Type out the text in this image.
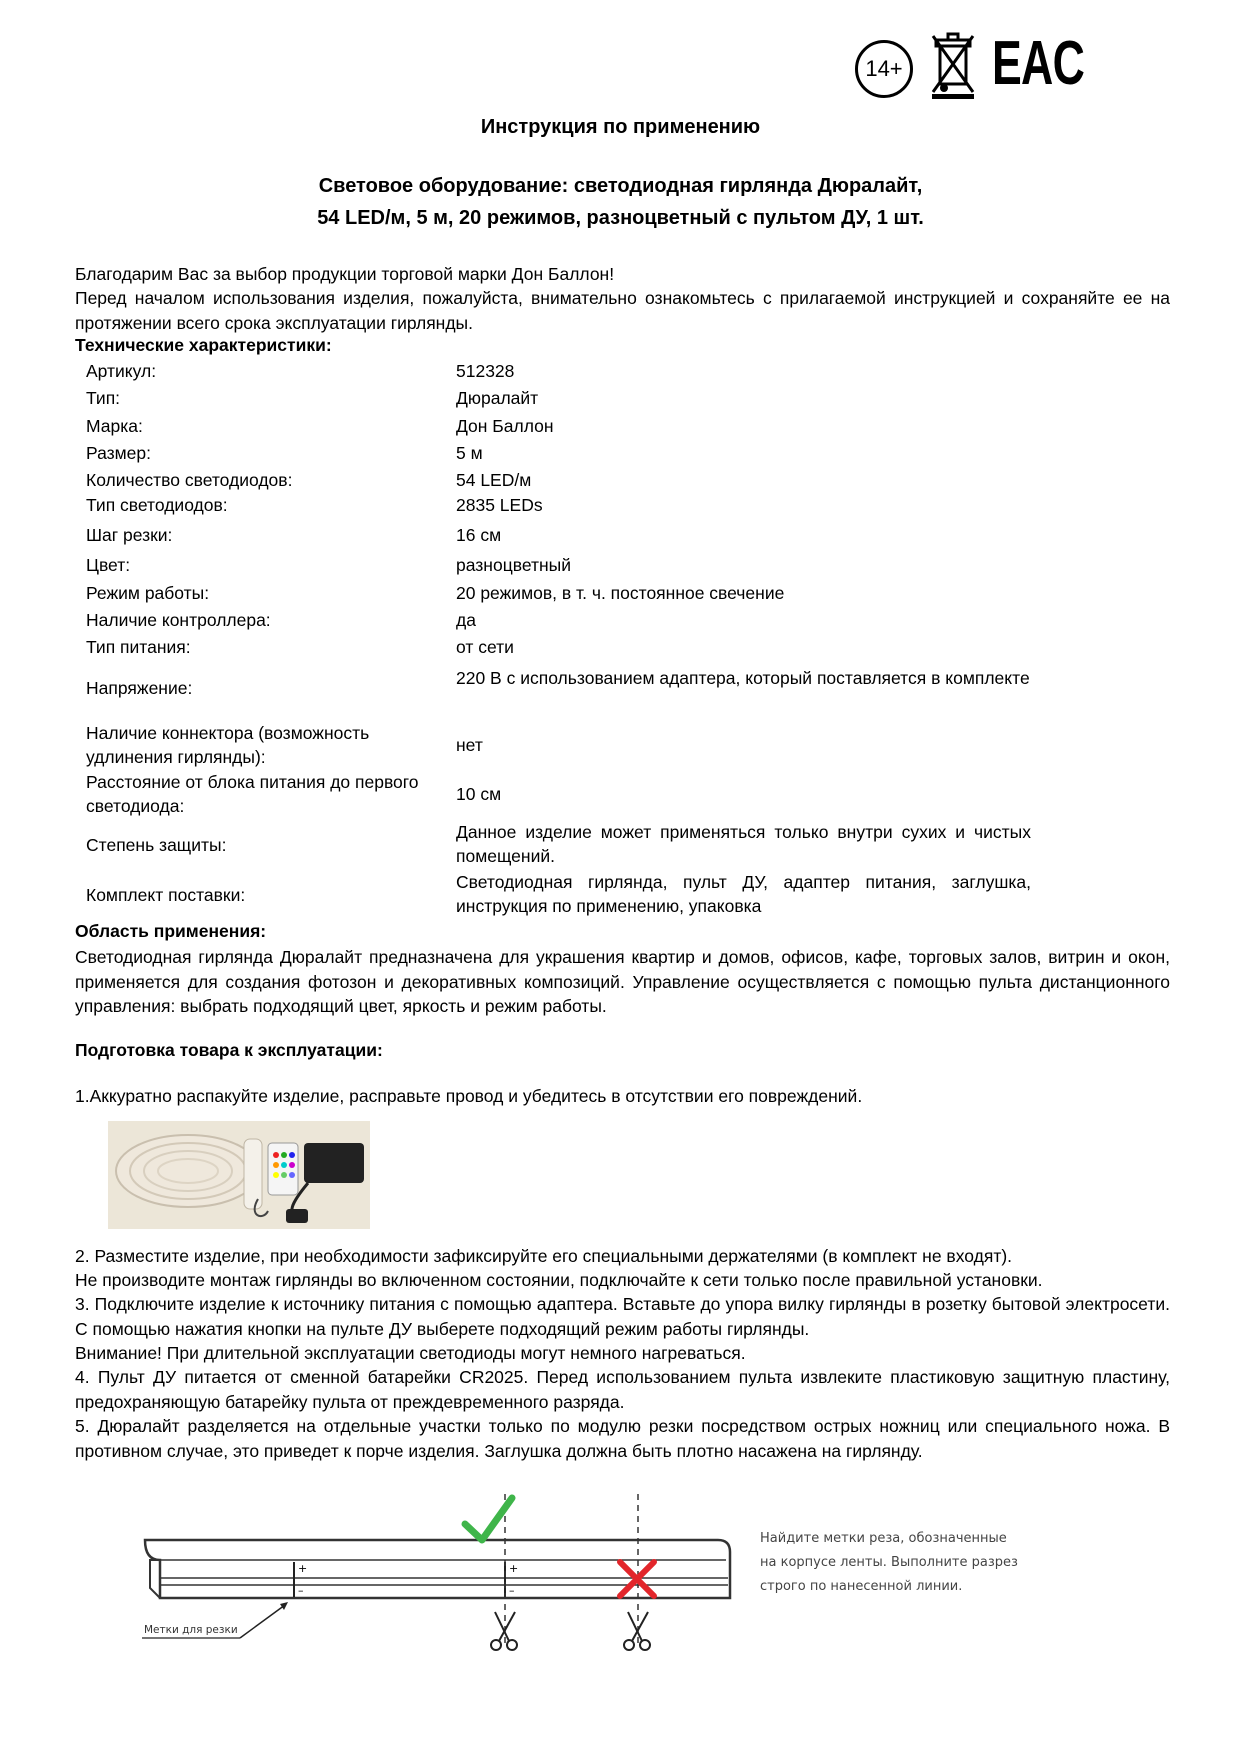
14+ EAC
Инструкция по применению
Световое оборудование: светодиодная гирлянда Дюралайт,
54 LED/м, 5 м, 20 режимов, разноцветный с пультом ДУ, 1 шт.
Благодарим Вас за выбор продукции торговой марки Дон Баллон!
Перед началом использования изделия, пожалуйста, внимательно ознакомьтесь с прилагаемой инструкцией и сохраняйте ее на протяжении всего срока эксплуатации гирлянды.
Технические характеристики:
Артикул:	512328
Тип:	Дюралайт
Марка:	Дон Баллон
Размер:	5 м
Количество светодиодов:	54 LED/м
Тип светодиодов:	2835 LEDs
Шаг резки:	16 см
Цвет:	разноцветный
Режим работы:	20 режимов, в т. ч. постоянное свечение
Наличие контроллера:	да
Тип питания:	от сети
Напряжение:	220 В с использованием адаптера, который поставляется в комплекте
Наличие коннектора (возможность удлинения гирлянды):
нет
Расстояние от блока питания до первого светодиода:
10 см
Степень защиты:
Данное изделие может применяться только внутри сухих и чистых помещений.
Комплект поставки:
Светодиодная гирлянда, пульт ДУ, адаптер питания, заглушка, инструкция по применению, упаковка
Область применения:
Светодиодная гирлянда Дюралайт предназначена для украшения квартир и домов, офисов, кафе, торговых залов, витрин и окон, применяется для создания фотозон и декоративных композиций. Управление осуществляется с помощью пульта дистанционного управления: выбрать подходящий цвет, яркость и режим работы.
Подготовка товара к эксплуатации:
1.Аккуратно распакуйте изделие, расправьте провод и убедитесь в отсутствии его повреждений.
2. Разместите изделие, при необходимости зафиксируйте его специальными держателями (в комплект не входят).
Не производите монтаж гирлянды во включенном состоянии, подключайте к сети только после правильной установки.
3. Подключите изделие к источнику питания с помощью адаптера. Вставьте до упора вилку гирлянды в розетку бытовой электросети. С помощью нажатия кнопки на пульте ДУ выберете подходящий режим работы гирлянды.
Внимание! При длительной эксплуатации светодиоды могут немного нагреваться.
4. Пульт ДУ питается от сменной батарейки CR2025. Перед использованием пульта извлеките пластиковую защитную пластину, предохраняющую батарейку пульта от преждевременного разряда.
5. Дюралайт разделяется на отдельные участки только по модулю резки посредством острых ножниц или специального ножа. В противном случае, это приведет к порче изделия. Заглушка должна быть плотно насажена на гирлянду.
+
–
+
–
Метки для резки
Найдите метки реза, обозначенные
на корпусе ленты. Выполните разрез
строго по нанесенной линии.
